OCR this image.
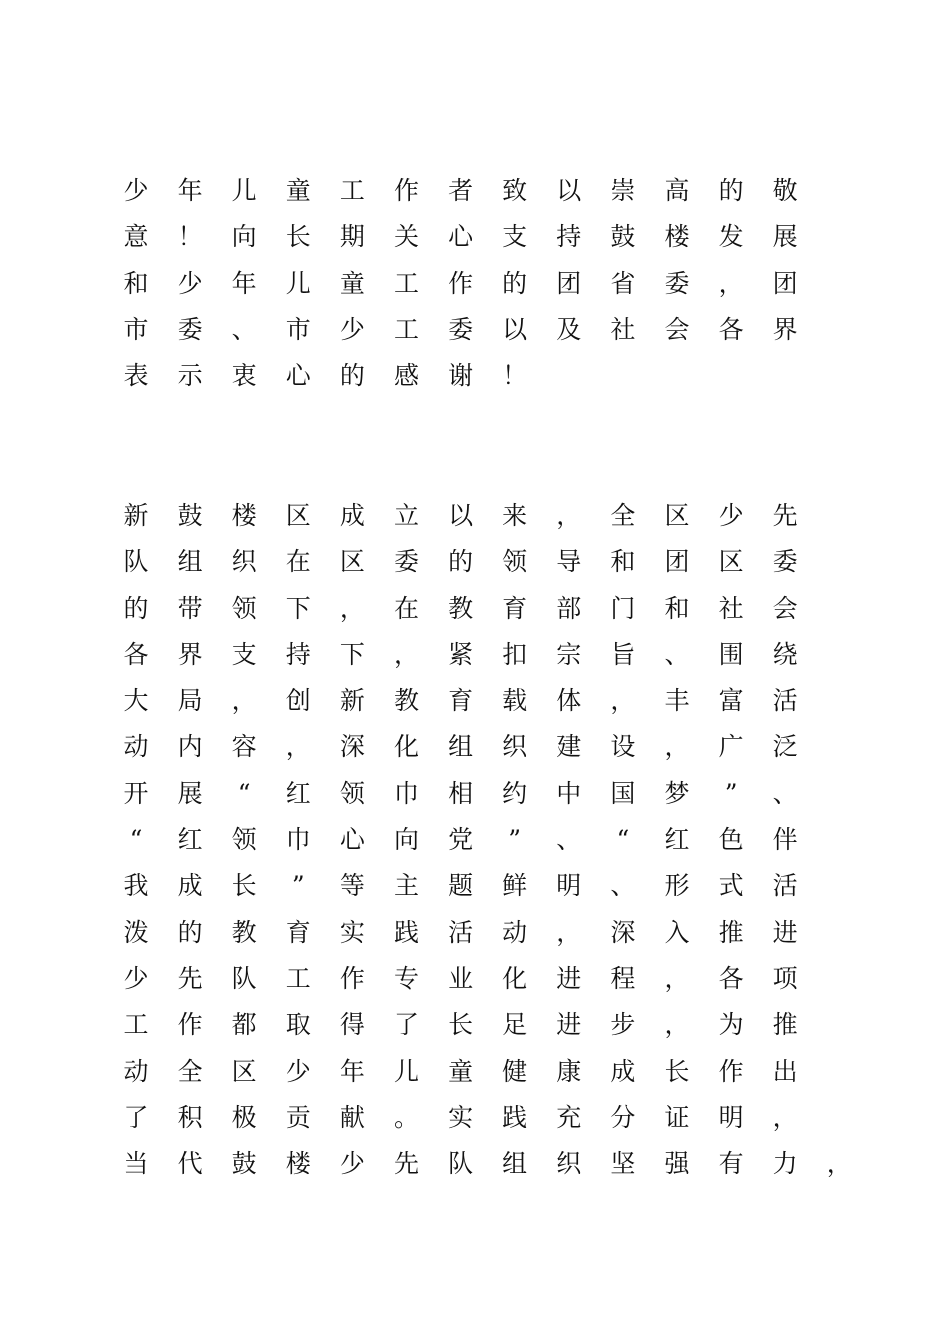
少	年	儿	童	工	作	者	致	以	崇	高	的	敬
意	！	向	长	期	关	心	支	持	鼓	楼	发	展
和	少	年	儿	童	工	作	的	团	省	委	，	团
市	委	、	市	少	工	委	以	及	社	会	各	界
表	示	衷	心	的	感	谢	！
新	鼓	楼	区	成	立	以	来	，	全	区	少	先
队	组	织	在	区	委	的	领	导	和	团	区	委
的	带	领	下	，	在	教	育	部	门	和	社	会
各	界	支	持	下	，	紧	扣	宗	旨	、	围	绕
大	局	，	创	新	教	育	载	体	，	丰	富	活
动	内	容	，	深	化	组	织	建	设	，	广	泛
开	展	“	红	领	巾	相	约	中	国	梦	”	、
“	红	领	巾	心	向	党	”	、	“	红	色	伴
我	成	长	”	等	主	题	鲜	明	、	形	式	活
泼	的	教	育	实	践	活	动	，	深	入	推	进
少	先	队	工	作	专	业	化	进	程	，	各	项
工	作	都	取	得	了	长	足	进	步	，	为	推
动	全	区	少	年	儿	童	健	康	成	长	作	出
了	积	极	贡	献	。	实	践	充	分	证	明	，
当	代	鼓	楼	少	先	队	组	织	坚	强	有	力	，
